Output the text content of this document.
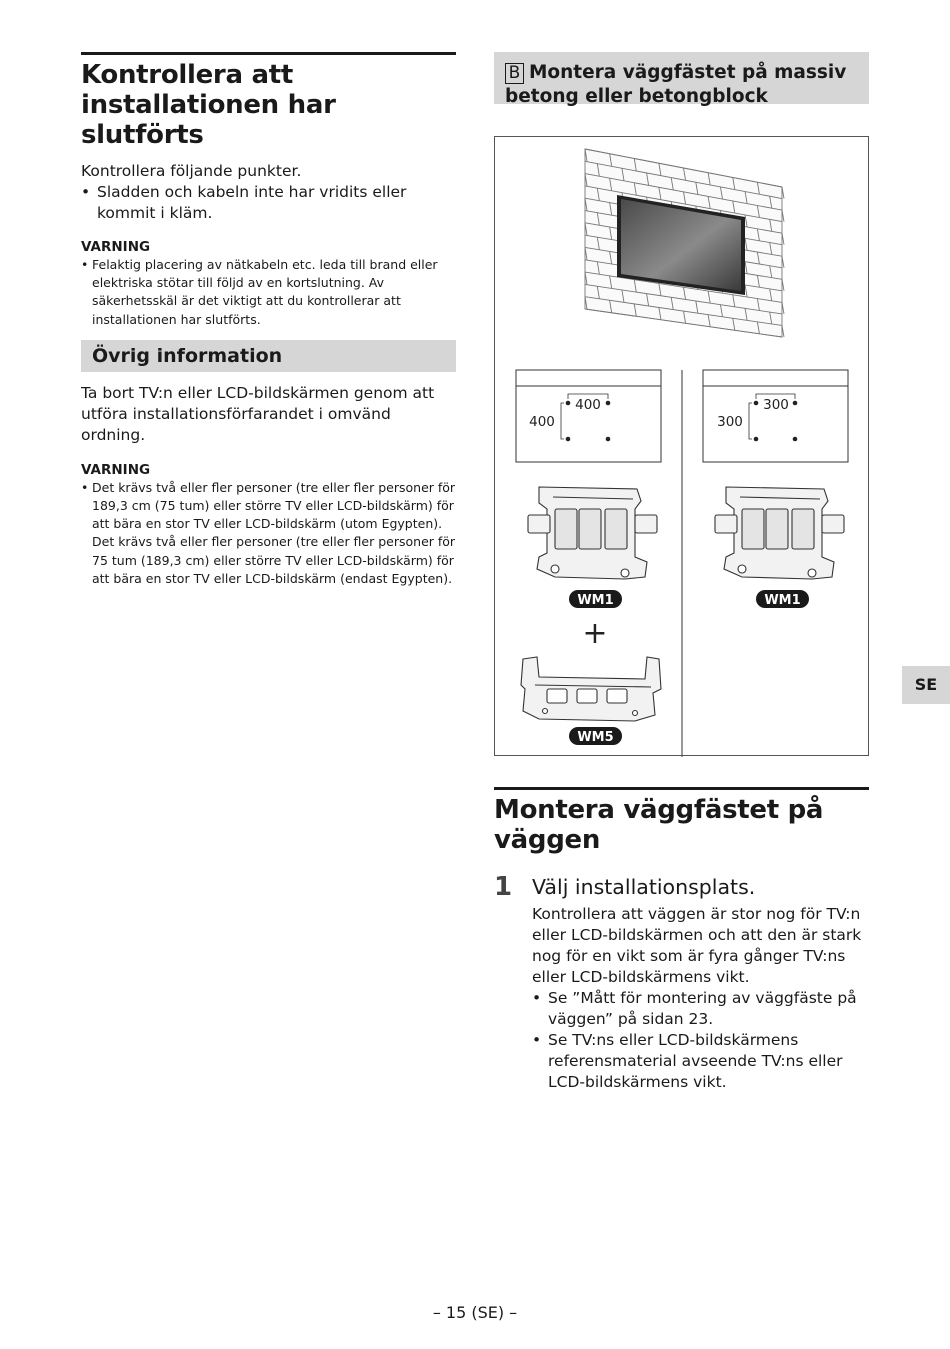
Kontrollera att installationen har slutförts
Kontrollera följande punkter.
• Sladden och kabeln inte har vridits eller kommit i kläm.
VARNING
• Felaktig placering av nätkabeln etc. leda till brand eller elektriska stötar till följd av en kortslutning. Av säkerhetsskäl är det viktigt att du kontrollerar att installationen har slutförts.
Övrig information
Ta bort TV:n eller LCD-bildskärmen genom att utföra installationsförfarandet i omvänd ordning.
VARNING
• Det krävs två eller fler personer (tre eller fler personer för 189,3 cm (75 tum) eller större TV eller LCD-bildskärm) för att bära en stor TV eller LCD-bildskärm (utom Egypten).
Det krävs två eller fler personer (tre eller fler personer för 75 tum (189,3 cm) eller större TV eller LCD-bildskärm) för att bära en stor TV eller LCD-bildskärm (endast Egypten).
B Montera väggfästet på massiv betong eller betongblock
400
400
300
300
WM1	WM1
+
WM5
Montera väggfästet på väggen
1 Välj installationsplats.
Kontrollera att väggen är stor nog för TV:n eller LCD-bildskärmen och att den är stark nog för en vikt som är fyra gånger TV:ns eller LCD-bildskärmens vikt.
• Se ”Mått för montering av väggfäste på väggen” på sidan 23.
• Se TV:ns eller LCD-bildskärmens referensmaterial avseende TV:ns eller LCD-bildskärmens vikt.
SE
– 15 (SE) –
